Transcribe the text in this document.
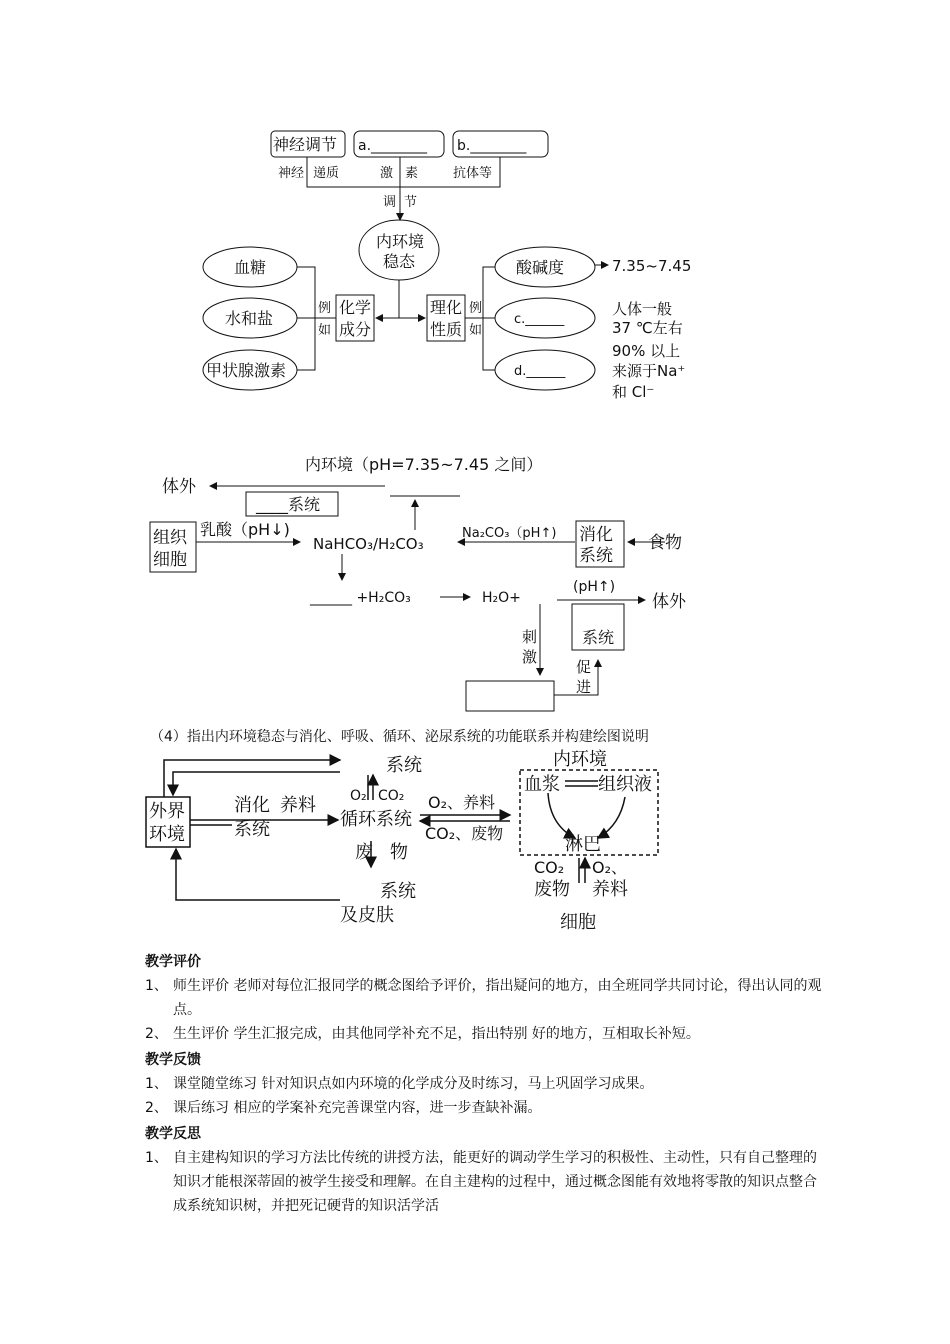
神经调节 a.________ b.________
神经 递质	激 素	抗体等
调 节
内环境
稳态
血糖
水和盐
甲状腺激素
例
如
化学
成分
理化
性质
例
如
酸碱度	7.35~7.45
c.______
d.______
人体一般
37 ℃左右
90% 以上
来源于Na⁺
和 Cl⁻
内环境（pH=7.35~7.45 之间）
体外
____系统
组织
细胞
乳酸（pH↓)
NaHCO₃/H₂CO₃
Na₂CO₃（pH↑) 消化
系统
食物
______ +H₂CO₃	H₂O+
(pH↑)
体外
系统
刺
激
促
进
（4）指出内环境稳态与消化、呼吸、循环、泌尿系统的功能联系并构建绘图说明
系统
O₂ CO₂
外界
环境
消化
系统
养料
循环系统
O₂、养料
CO₂、废物
废 物
系统
及皮肤
内环境
血浆 组织液
淋巴
CO₂
废物
O₂、
养料
细胞
教学评价
1、 师生评价 老师对每位汇报同学的概念图给予评价，指出疑问的地方，由全班同学共同讨论，得出认同的观点。
2、 生生评价 学生汇报完成，由其他同学补充不足，指出特别 好的地方，互相取长补短。
教学反馈
1、 课堂随堂练习 针对知识点如内环境的化学成分及时练习，马上巩固学习成果。
2、 课后练习 相应的学案补充完善课堂内容，进一步查缺补漏。
教学反思
1、 自主建构知识的学习方法比传统的讲授方法，能更好的调动学生学习的积极性、主动性，只有自己整理的知识才能根深蒂固的被学生接受和理解。在自主建构的过程中，通过概念图能有效地将零散的知识点整合成系统知识树，并把死记硬背的知识活学活
